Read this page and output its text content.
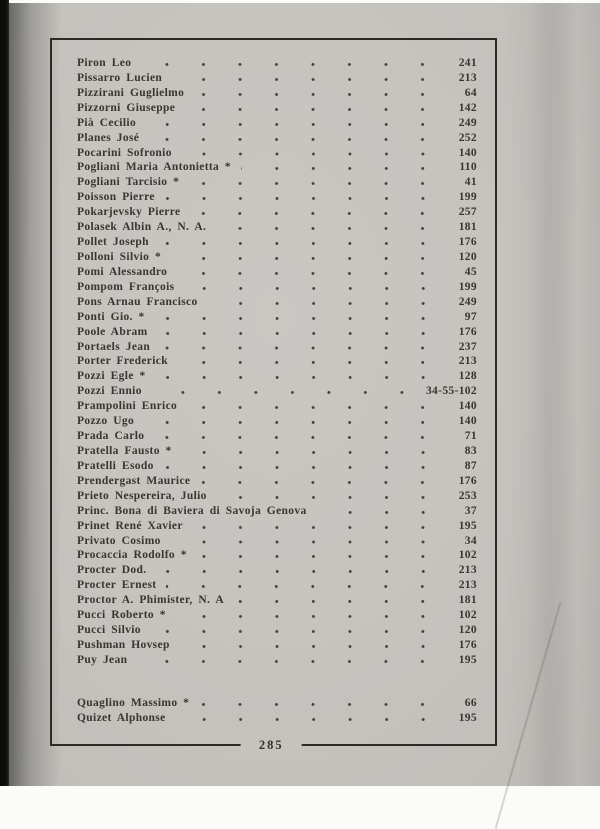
Piron Leo	241
Pissarro Lucien	213
Pizzirani Guglielmo	64
Pizzorni Giuseppe	142
Pià Cecilio	249
Planes José	252
Pocarini Sofronio	140
Pogliani Maria Antonietta *	110
Pogliani Tarcisio *	41
Poisson Pierre	199
Pokarjevsky Pierre	257
Polasek Albin A., N. A.	181
Pollet Joseph	176
Polloni Silvio *	120
Pomi Alessandro	45
Pompom François	199
Pons Arnau Francisco	249
Ponti Gio. *	97
Poole Abram	176
Portaels Jean	237
Porter Frederick	213
Pozzi Egle *	128
Pozzi Ennio	34-55-102
Prampolini Enrico	140
Pozzo Ugo	140
Prada Carlo	71
Pratella Fausto *	83
Pratelli Esodo	87
Prendergast Maurice	176
Prieto Nespereira, Julio	253
Princ. Bona di Baviera di Savoja Genova	37
Prinet René Xavier	195
Privato Cosimo	34
Procaccia Rodolfo *	102
Procter Dod.	213
Procter Ernest	213
Proctor A. Phimister, N. A	181
Pucci Roberto *	102
Pucci Silvio	120
Pushman Hovsep	176
Puy Jean	195
Quaglino Massimo *	66
Quizet Alphonse	195
285
